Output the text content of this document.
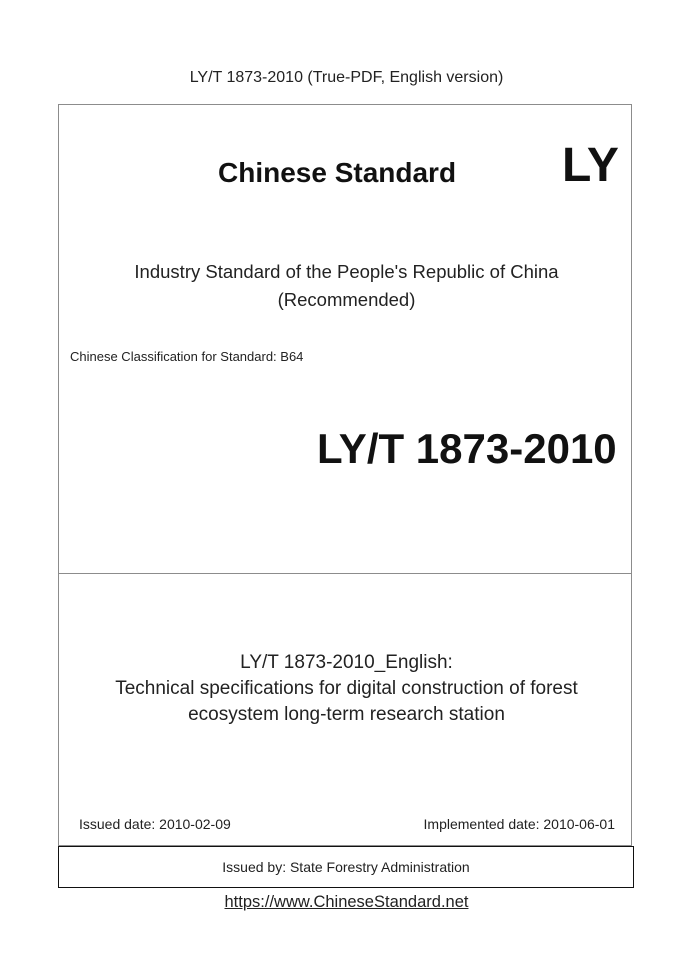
LY/T 1873-2010 (True-PDF, English version)
Chinese Standard LY
Industry Standard of the People's Republic of China
(Recommended)
Chinese Classification for Standard: B64
LY/T 1873-2010
LY/T 1873-2010_English:
Technical specifications for digital construction of forest
ecosystem long-term research station
Issued date: 2010-02-09	Implemented date: 2010-06-01
Issued by: State Forestry Administration
https://www.ChineseStandard.net
